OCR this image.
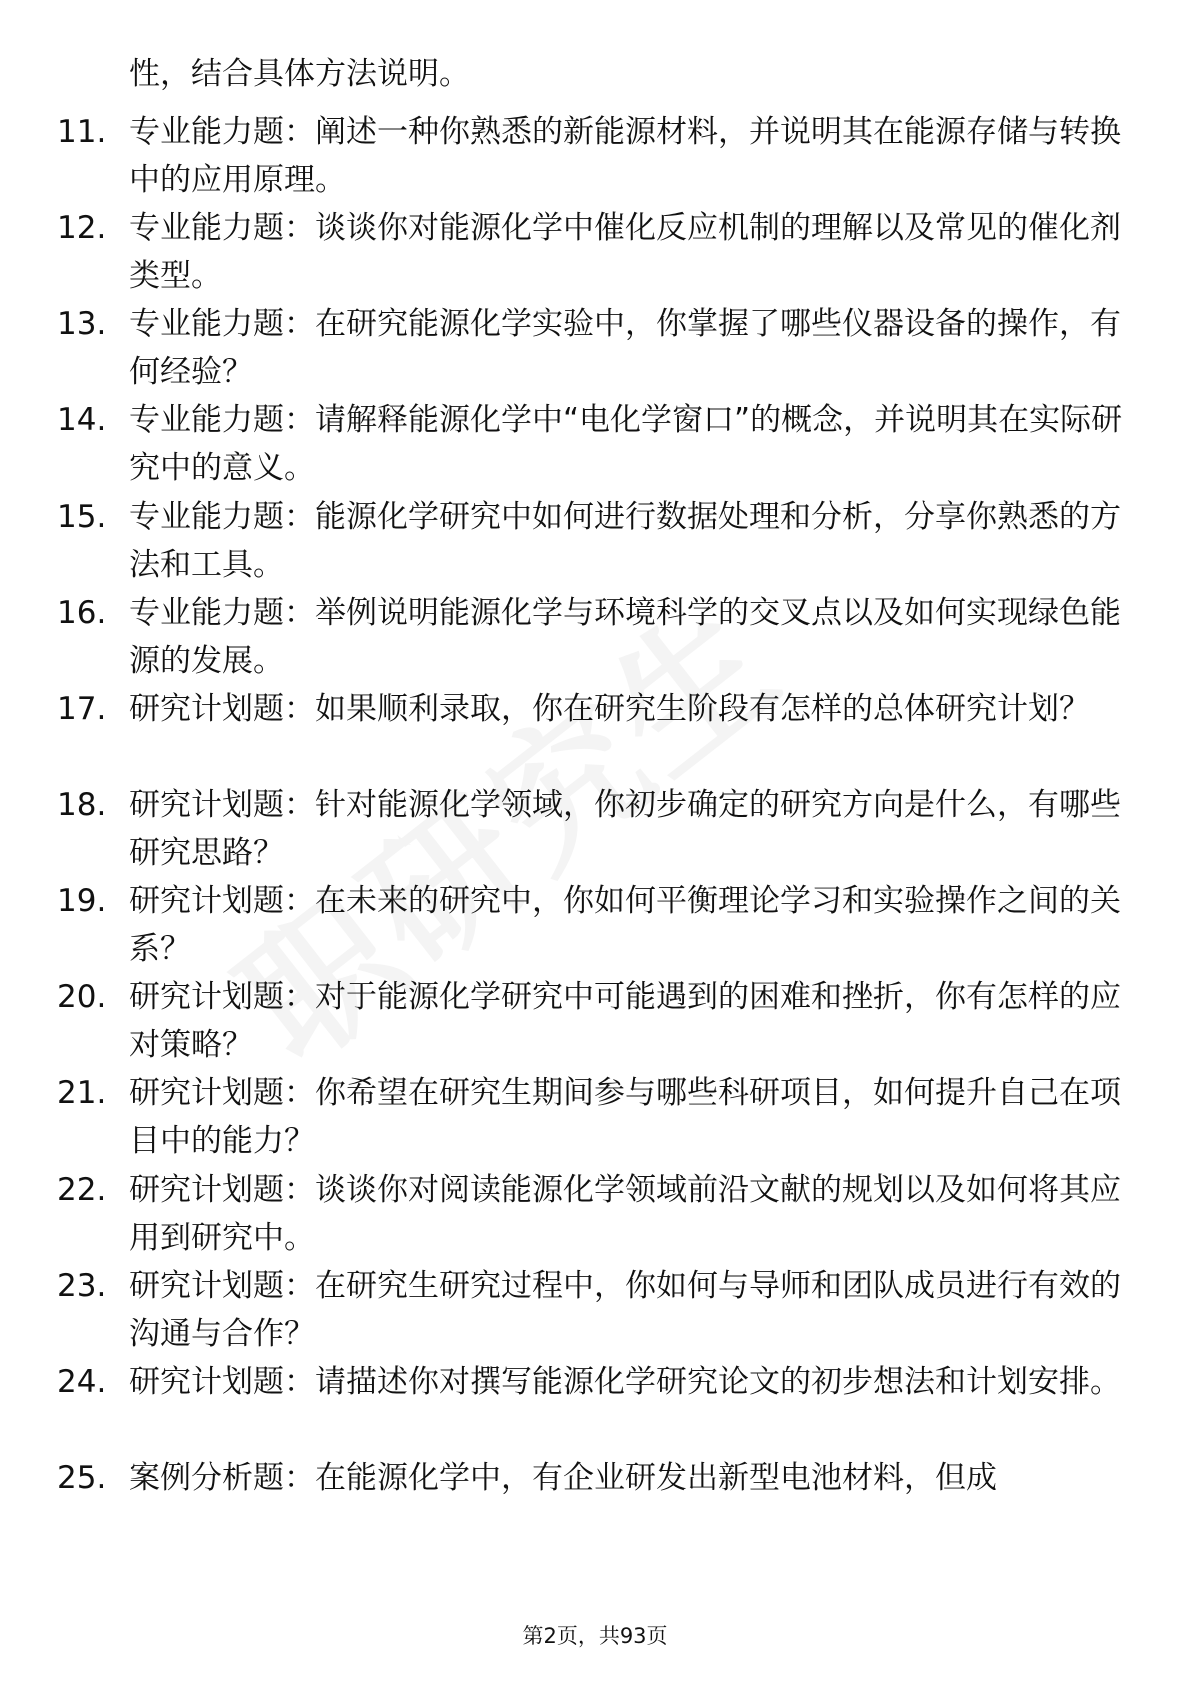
性，结合具体方法说明。

11. 专业能力题：阐述一种你熟悉的新能源材料，并说明其在能源存储与转换中的应用原理。

12. 专业能力题：谈谈你对能源化学中催化反应机制的理解以及常见的催化剂类型。

13. 专业能力题：在研究能源化学实验中，你掌握了哪些仪器设备的操作，有何经验？

14. 专业能力题：请解释能源化学中“电化学窗口”的概念，并说明其在实际研究中的意义。

15. 专业能力题：能源化学研究中如何进行数据处理和分析，分享你熟悉的方法和工具。

16. 专业能力题：举例说明能源化学与环境科学的交叉点以及如何实现绿色能源的发展。

17. 研究计划题：如果顺利录取，你在研究生阶段有怎样的总体研究计划？

18. 研究计划题：针对能源化学领域，你初步确定的研究方向是什么，有哪些研究思路？

19. 研究计划题：在未来的研究中，你如何平衡理论学习和实验操作之间的关系？

20. 研究计划题：对于能源化学研究中可能遇到的困难和挫折，你有怎样的应对策略？

21. 研究计划题：你希望在研究生期间参与哪些科研项目，如何提升自己在项目中的能力？

22. 研究计划题：谈谈你对阅读能源化学领域前沿文献的规划以及如何将其应用到研究中。

23. 研究计划题：在研究生研究过程中，你如何与导师和团队成员进行有效的沟通与合作？

24. 研究计划题：请描述你对撰写能源化学研究论文的初步想法和计划安排。

25. 案例分析题：在能源化学中，有企业研发出新型电池材料，但成

第2页，共93页
